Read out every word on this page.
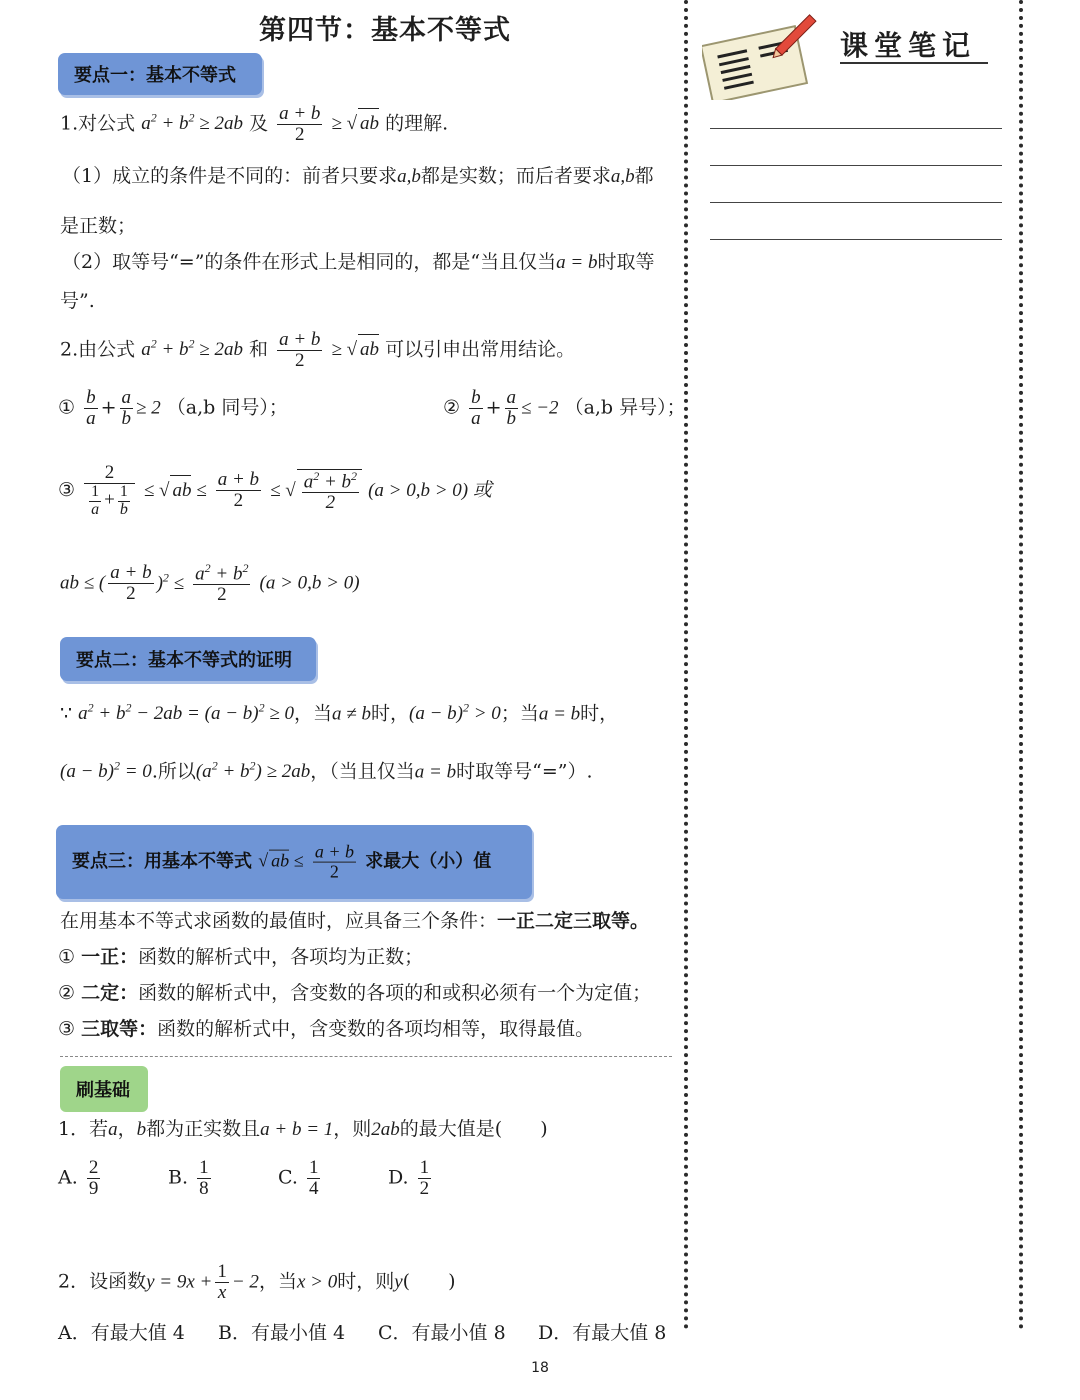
第四节：基本不等式	课堂笔记
要点一：基本不等式
1.对公式 $a^2 + b^2 \ge 2ab$ 及 $\frac{a + b}{2}$ ≥ √ ab 的理解.
（1）成立的条件是不同的：前者只要求a,b都是实数；而后者要求a,b都
是正数；
（2）取等号“=”的条件在形式上是相同的，都是“当且仅当a = b时取等
号”.
2.由公式 $a^2 + b^2 \ge 2ab$ 和 $\frac{a + b}{2}$ ≥ √ ab 可以引申出常用结论。
① $\frac{b}{a} + \frac{a}{b} \ge 2$ （a,b 同号）；	② $\frac{b}{a} + \frac{a}{b} \le -2$ （a,b 异号）；
③ $\frac{2}{\frac{1}{a} + \frac{1}{b}}$ ≤ √ ab ≤ $\frac{a + b}{2}$ ≤ √ $\frac{a^2 + b^2}{2} (a > 0,b > 0)$ 或
ab ≤ ( $\frac{a + b}{2} )^2 \le \frac{a^2 + b^2}{2} (a > 0,b > 0)$
要点二：基本不等式的证明
∵ $a^2 + b^2 - 2ab = (a - b)^2 \ge 0$，当a ≠ b时，$(a - b)^2 > 0$；当a = b时，
$(a - b)^2 = 0$.所以$(a^2 + b^2) \ge 2ab$，（当且仅当a = b时取等号“=”）.
要点三：用基本不等式 √ ab ≤ $\frac{a + b}{2}$ 求最大（小）值
在用基本不等式求函数的最值时，应具备三个条件：一正二定三取等。
① 一正：函数的解析式中，各项均为正数；
② 二定：函数的解析式中，含变数的各项的和或积必须有一个为定值；
③ 三取等：函数的解析式中，含变数的各项均相等，取得最值。
刷基础
1．若a，b都为正实数且a + b = 1，则2ab的最大值是(　　)
A. $\frac{2}{9}$	B. $\frac{1}{8}$	C. $\frac{1}{4}$	D. $\frac{1}{2}$
2．设函数$y = 9x + \frac{1}{x} - 2$，当x > 0时，则y(　　)
A．有最大值 4 B．有最小值 4 C．有最小值 8 D．有最大值 8
18
